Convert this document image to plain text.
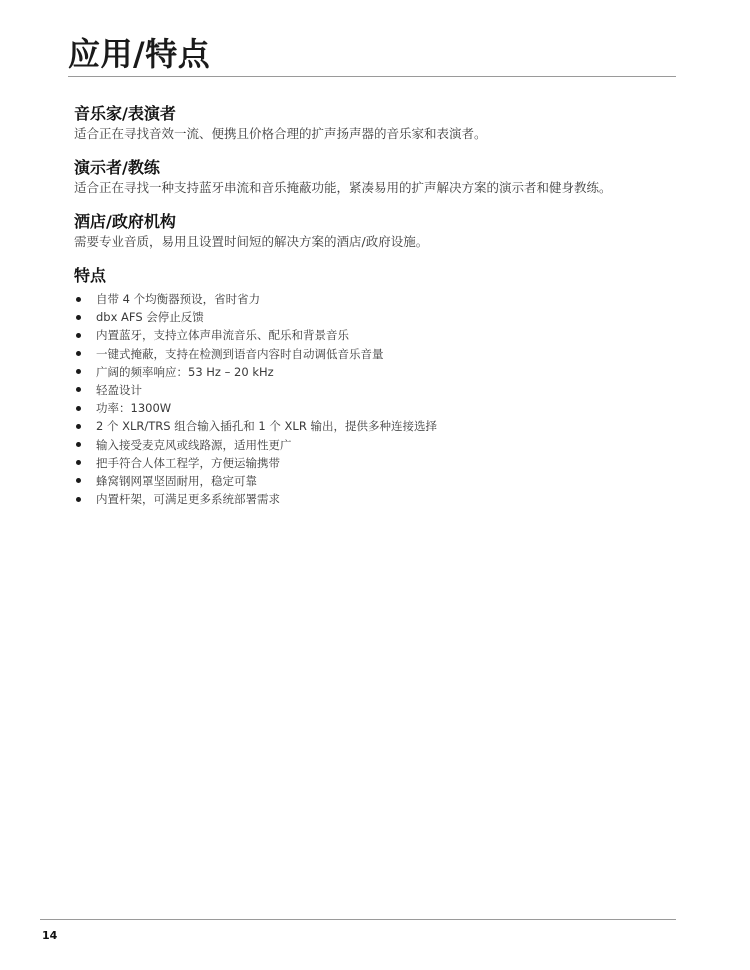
应用/特点
音乐家/表演者

适合正在寻找音效一流、便携且价格合理的扩声扬声器的音乐家和表演者。

演示者/教练

适合正在寻找一种支持蓝牙串流和音乐掩蔽功能，紧凑易用的扩声解决方案的演示者和健身教练。

酒店/政府机构

需要专业音质，易用且设置时间短的解决方案的酒店/政府设施。

特点
自带 4 个均衡器预设，省时省力
dbx AFS 会停止反馈
内置蓝牙，支持立体声串流音乐、配乐和背景音乐
一键式掩蔽，支持在检测到语音内容时自动调低音乐音量
广阔的频率响应：53 Hz – 20 kHz
轻盈设计
功率：1300W
2 个 XLR/TRS 组合输入插孔和 1 个 XLR 输出，提供多种连接选择
输入接受麦克风或线路源，适用性更广
把手符合人体工程学，方便运输携带
蜂窝钢网罩坚固耐用，稳定可靠
内置杆架，可满足更多系统部署需求
14
